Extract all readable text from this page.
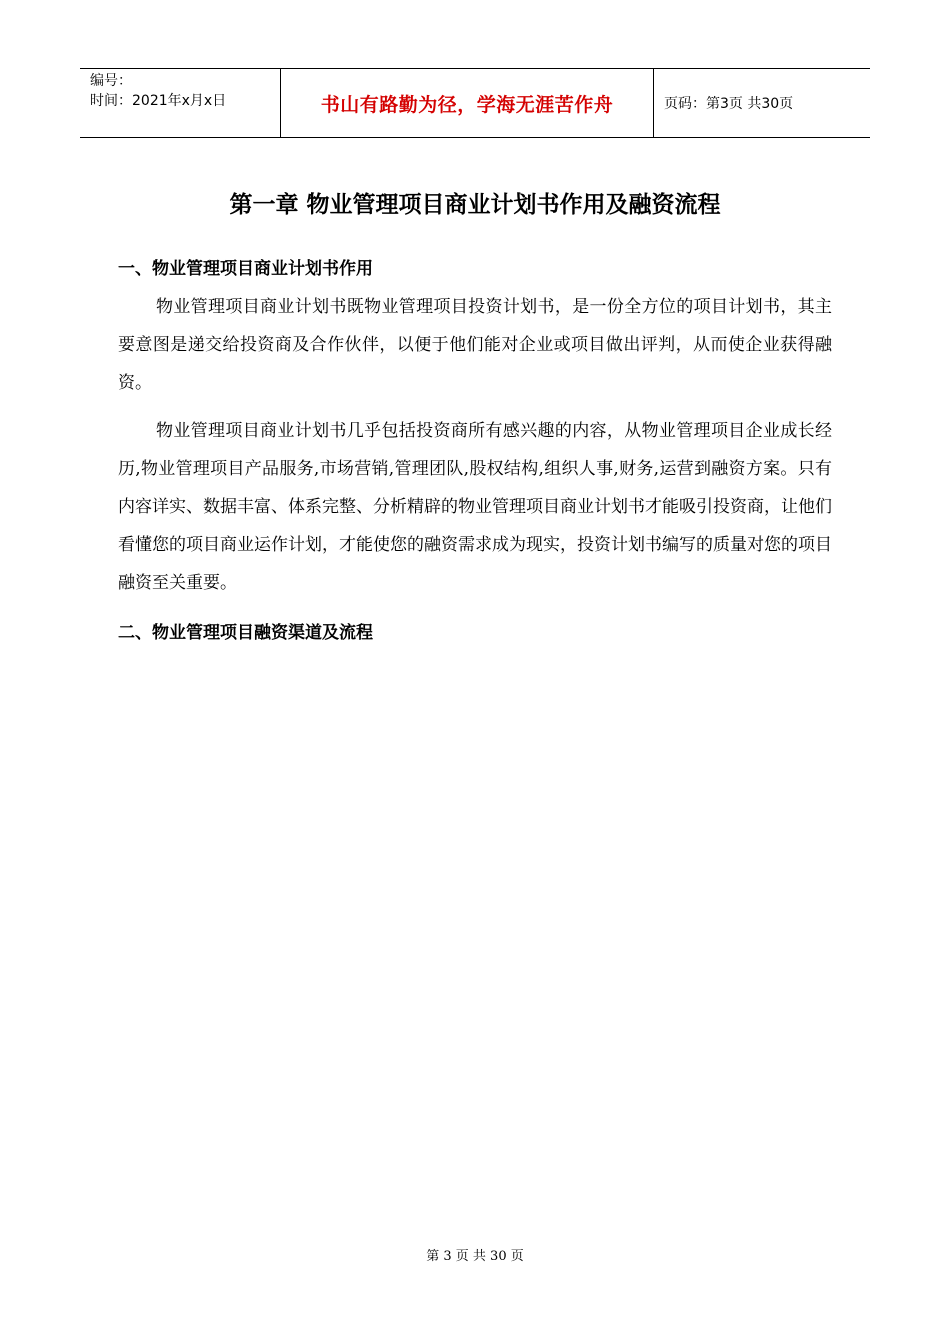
编号：
时间：2021年x月x日	书山有路勤为径，学海无涯苦作舟	页码：第3页 共30页
第一章 物业管理项目商业计划书作用及融资流程
一、物业管理项目商业计划书作用

物业管理项目商业计划书既物业管理项目投资计划书，是一份全方位的项目计划书，其主要意图是递交给投资商及合作伙伴，以便于他们能对企业或项目做出评判，从而使企业获得融资。

物业管理项目商业计划书几乎包括投资商所有感兴趣的内容，从物业管理项目企业成长经历,物业管理项目产品服务,市场营销,管理团队,股权结构,组织人事,财务,运营到融资方案。只有内容详实、数据丰富、体系完整、分析精辟的物业管理项目商业计划书才能吸引投资商，让他们看懂您的项目商业运作计划，才能使您的融资需求成为现实，投资计划书编写的质量对您的项目融资至关重要。

二、物业管理项目融资渠道及流程
第 3 页 共 30 页
